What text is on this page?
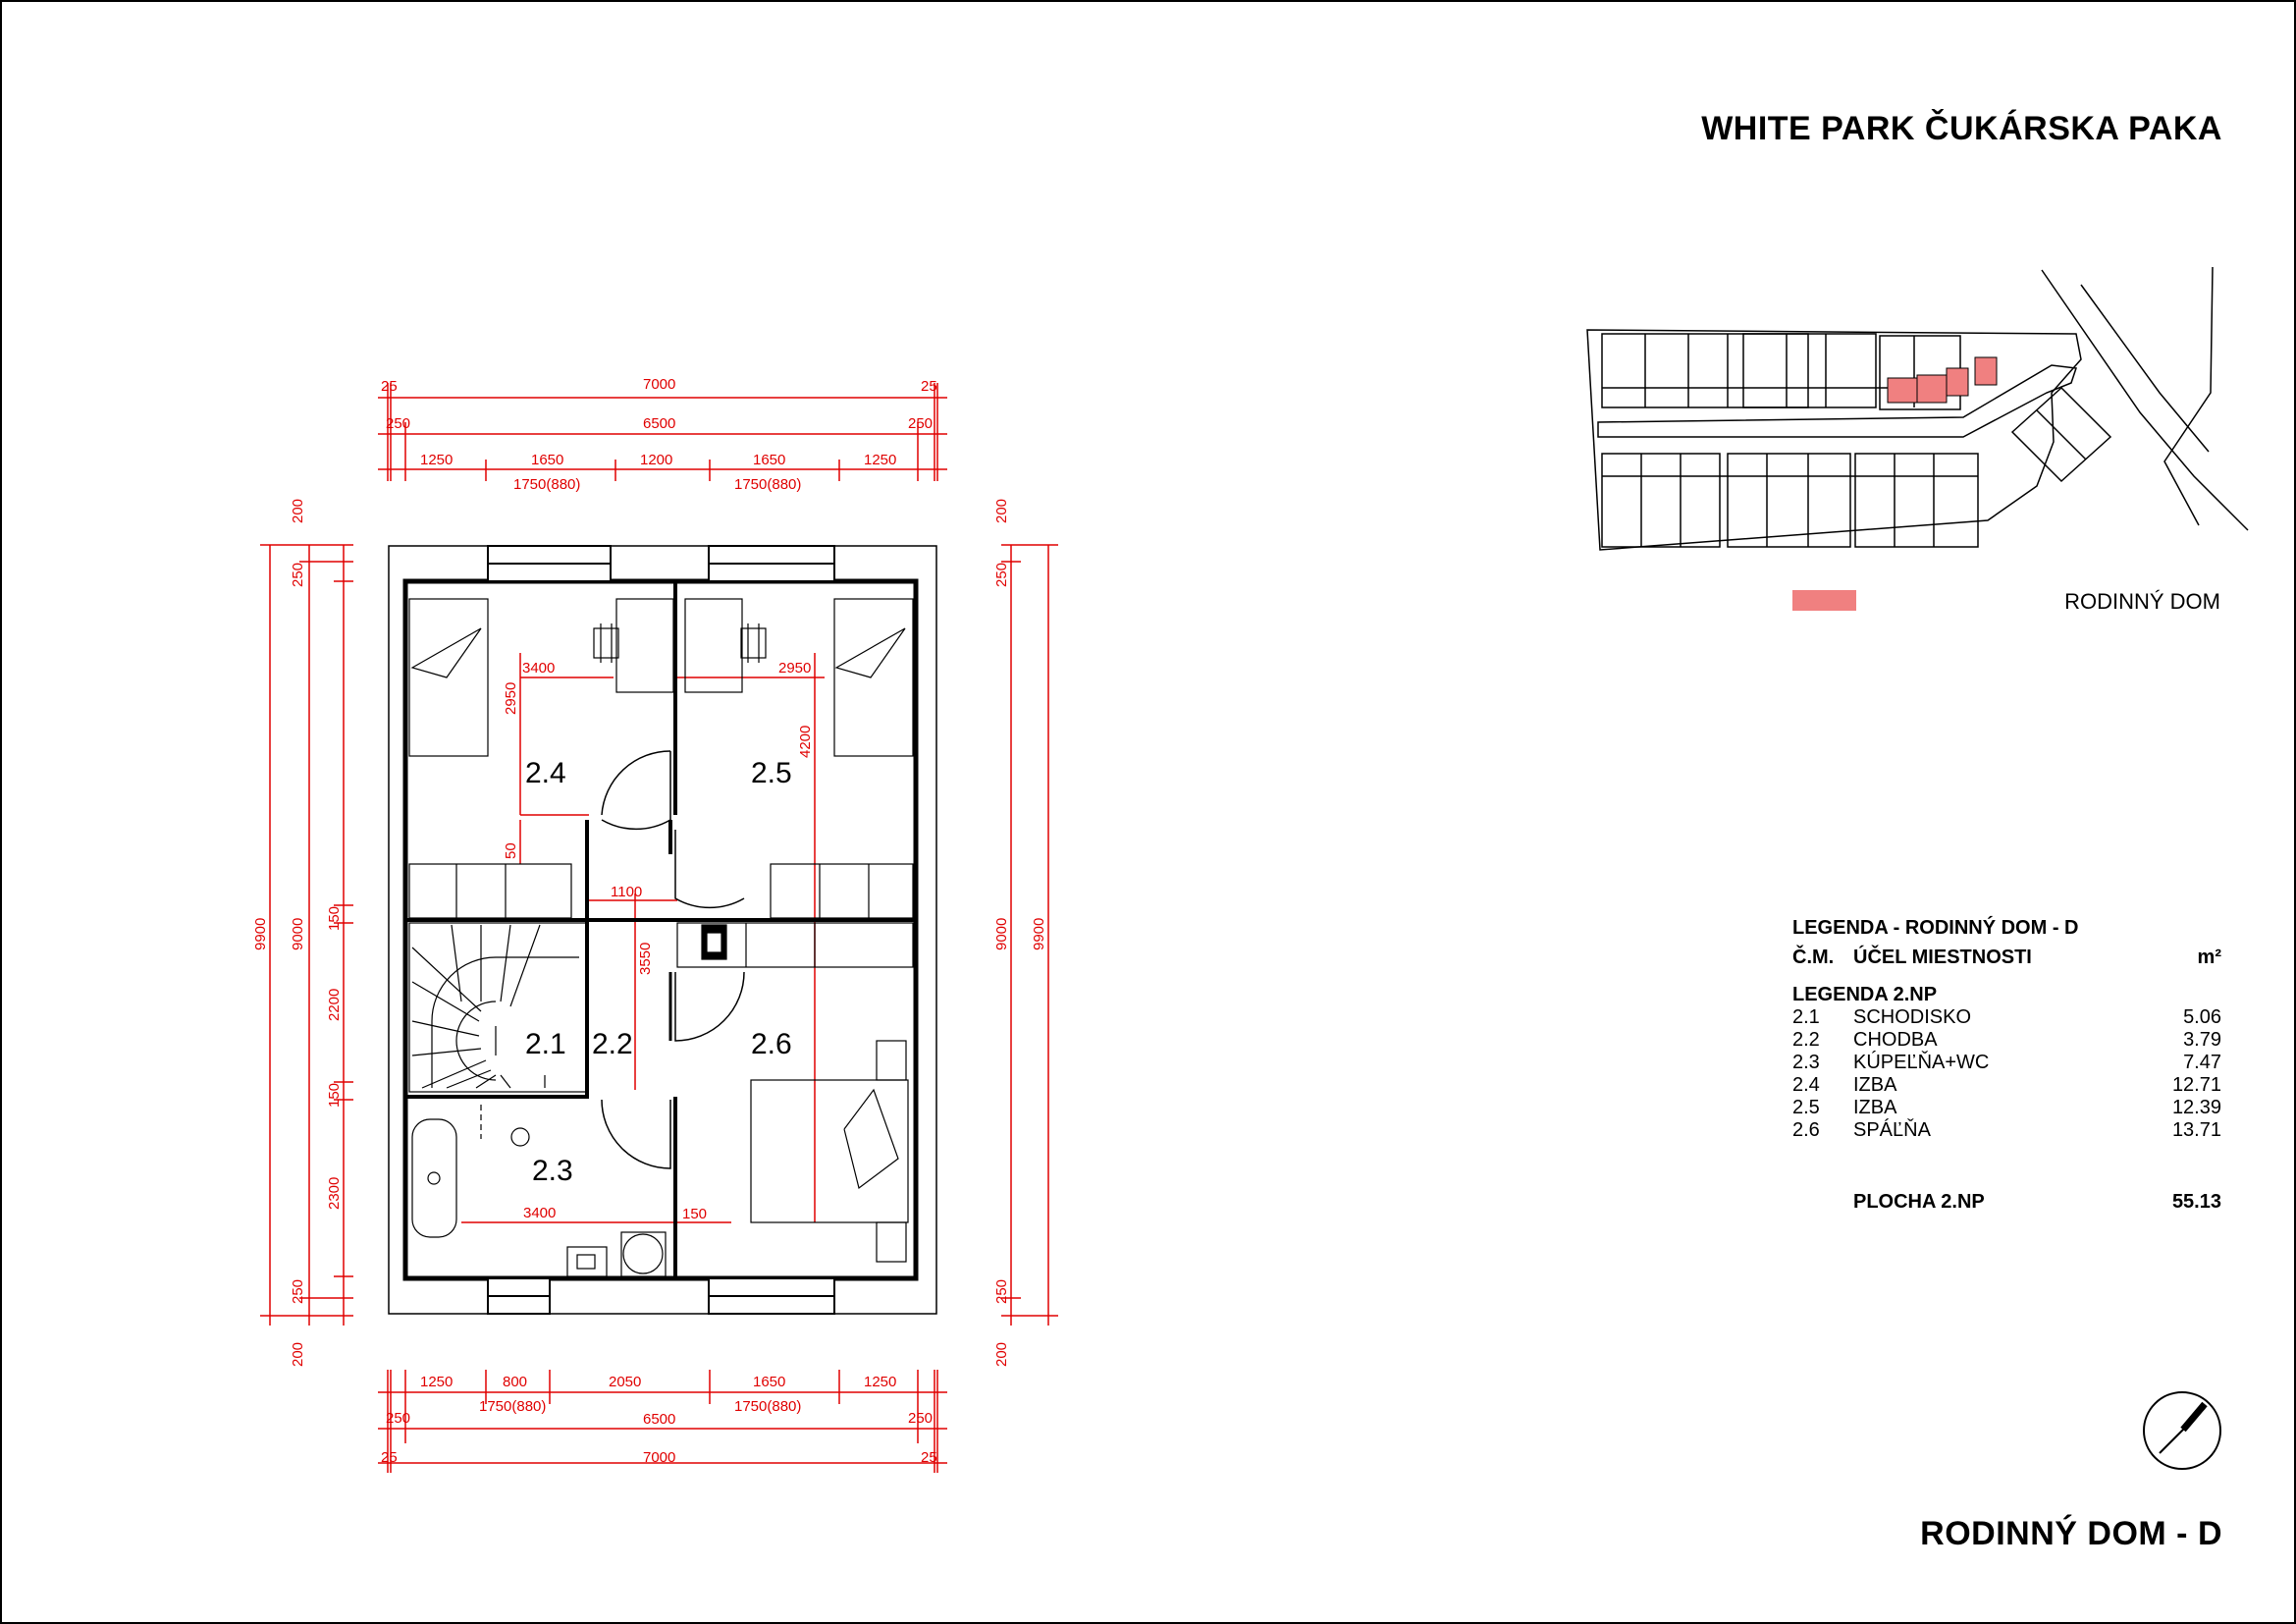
WHITE PARK ČUKÁRSKA PAKA
2.4	2.5
2.1 2.2	2.6
2.3
25	7000	25
250	6500	250
1250	1650	1200	1650	1250
1750(880)	1750(880)
1250	800	2050	1650	1250
1750(880)	1750(880)
250	6500	250
25	7000	25
9900 9000
200
250
150
2200
150
2300
250
200
9000 9900
200
250
250
200
3400
2950
50
2950
4200
1100
3550
3400	150
RODINNÝ DOM
LEGENDA - RODINNÝ DOM - D
Č.M. ÚČEL MIESTNOSTI	m²
LEGENDA 2.NP
2.1	SCHODISKO	5.06
2.2	CHODBA	3.79
2.3	KÚPEĽŇA+WC	7.47
2.4	IZBA	12.71
2.5	IZBA	12.39
2.6	SPÁĽŇA	13.71
PLOCHA 2.NP	55.13
RODINNÝ DOM - D
